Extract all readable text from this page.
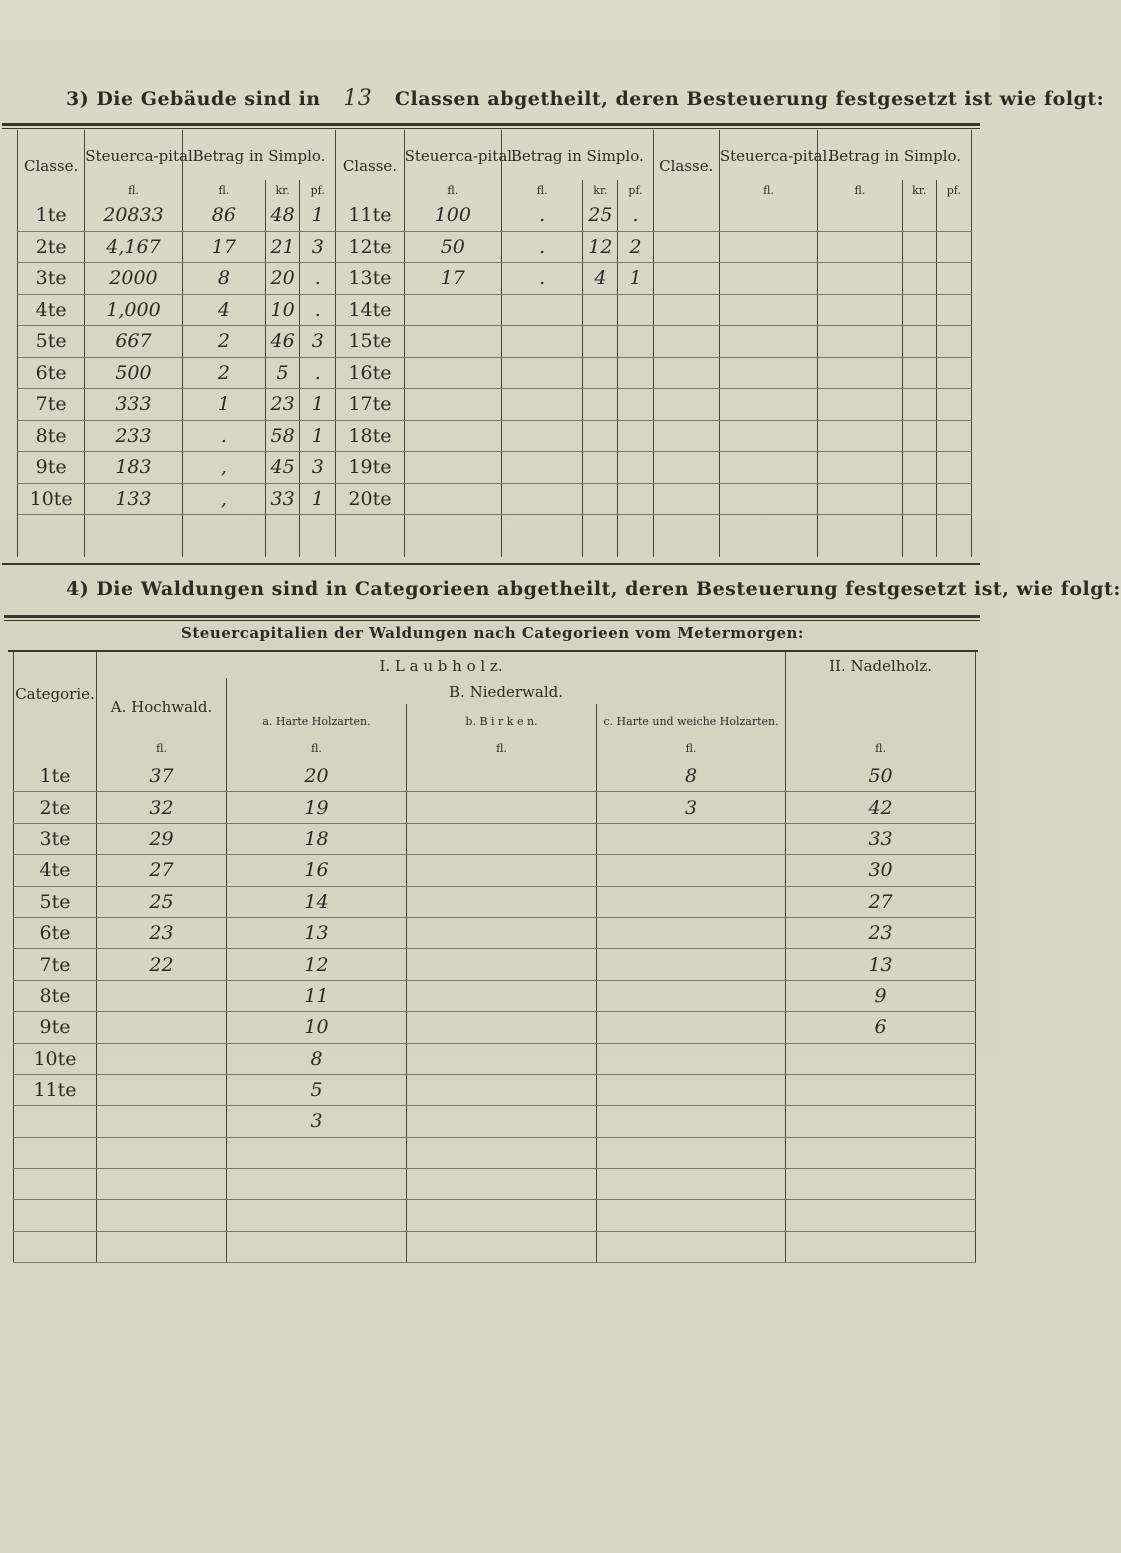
3) Die Gebäude sind in 13 Classen abgetheilt, deren Besteuerung festgesetzt ist wie folgt:
Classe.	Steuerca-pital.	Betrag in Simplo.			Classe.	Steuerca-pital.	Betrag in Simplo.			Classe.	Steuerca-pital.	Betrag in Simplo.		
	fl.	fl.	kr.	pf.		fl.	fl.	kr.	pf.		fl.	fl.	kr.	pf.
1te	20833	86	48	1	11te	100	.	25	.					
2te	4,167	17	21	3	12te	50	.	12	2					
3te	2000	8	20	.	13te	17	.	4	1					
4te	1,000	4	10	.	14te									
5te	667	2	46	3	15te									
6te	500	2	5	.	16te									
7te	333	1	23	1	17te									
8te	233	.	58	1	18te									
9te	183	,	45	3	19te									
10te	133	,	33	1	20te									

4) Die Waldungen sind in Categorieen abgetheilt, deren Besteuerung festgesetzt ist, wie folgt:
Steuercapitalien der Waldungen nach Categorieen vom Metermorgen:
Categorie.	I. L a u b h o l z.				II. Nadelholz.
	A. Hochwald.	B. Niederwald.			
		a. Harte Holzarten.	b. B i r k e n.	c. Harte und weiche Holzarten.	
	fl.	fl.	fl.	fl.	fl.
1te	37	20		8	50
2te	32	19		3	42
3te	29	18			33
4te	27	16			30
5te	25	14			27
6te	23	13			23
7te	22	12			13
8te		11			9
9te		10			6
10te		8			
11te		5			
		3			
